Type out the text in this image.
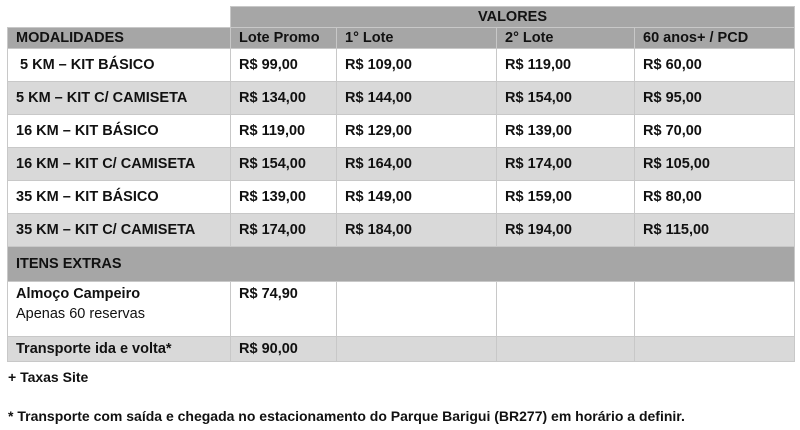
	VALORES			
MODALIDADES	Lote Promo	1° Lote	2° Lote	60 anos+ / PCD
5 KM – KIT BÁSICO	R$ 99,00	R$ 109,00	R$ 119,00	R$ 60,00
5 KM – KIT C/ CAMISETA	R$ 134,00	R$ 144,00	R$ 154,00	R$ 95,00
16 KM – KIT BÁSICO	R$ 119,00	R$ 129,00	R$ 139,00	R$ 70,00
16 KM – KIT C/ CAMISETA	R$ 154,00	R$ 164,00	R$ 174,00	R$ 105,00
35 KM – KIT BÁSICO	R$ 139,00	R$ 149,00	R$ 159,00	R$ 80,00
35 KM – KIT C/ CAMISETA	R$ 174,00	R$ 184,00	R$ 194,00	R$ 115,00
ITENS EXTRAS				
Almoço Campeiro
Apenas 60 reservas	R$ 74,90			
Transporte ida e volta*	R$ 90,00			
+ Taxas Site
* Transporte com saída e chegada no estacionamento do Parque Barigui (BR277) em horário a definir.
